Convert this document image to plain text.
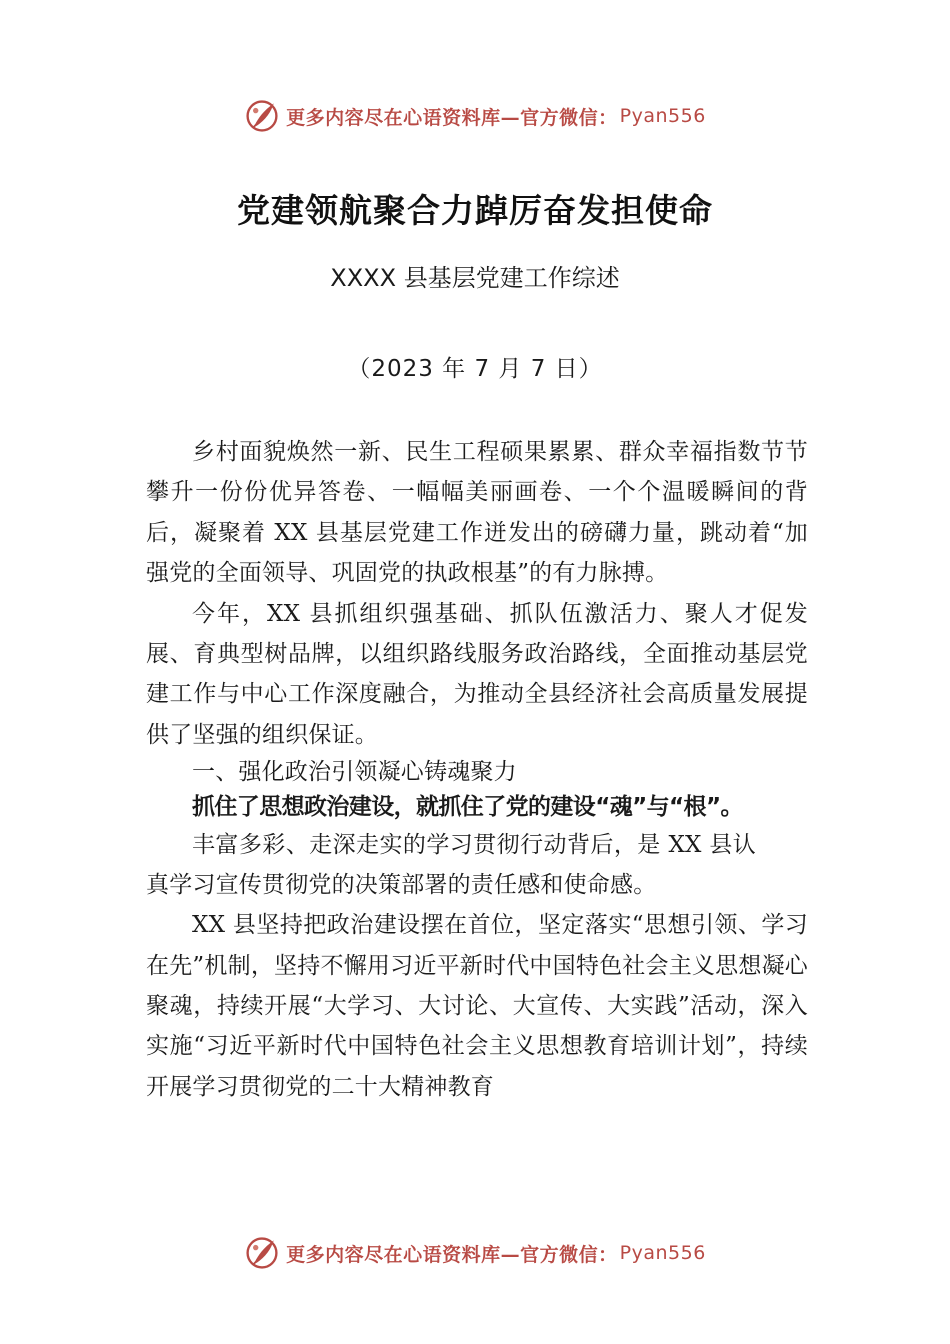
更多内容尽在心语资料库—官方微信： Pyan556
党建领航聚合力踔厉奋发担使命
XXXX 县基层党建工作综述
（2023 年 7 月 7 日）

乡村面貌焕然一新、民生工程硕果累累、群众幸福指数节节攀升一份份优异答卷、一幅幅美丽画卷、一个个温暖瞬间的背后，凝聚着 XX 县基层党建工作迸发出的磅礴力量，跳动着“加强党的全面领导、巩固党的执政根基”的有力脉搏。

今年，XX 县抓组织强基础、抓队伍激活力、聚人才促发展、育典型树品牌，以组织路线服务政治路线，全面推动基层党建工作与中心工作深度融合，为推动全县经济社会高质量发展提供了坚强的组织保证。

一、强化政治引领凝心铸魂聚力

抓住了思想政治建设，就抓住了党的建设“魂”与“根”。

丰富多彩、走深走实的学习贯彻行动背后，是 XX 县认真学习宣传贯彻党的决策部署的责任感和使命感。

XX 县坚持把政治建设摆在首位，坚定落实“思想引领、学习在先”机制，坚持不懈用习近平新时代中国特色社会主义思想凝心聚魂，持续开展“大学习、大讨论、大宣传、大实践”活动，深入实施“习近平新时代中国特色社会主义思想教育培训计划”，持续开展学习贯彻党的二十大精神教育

更多内容尽在心语资料库—官方微信： Pyan556
